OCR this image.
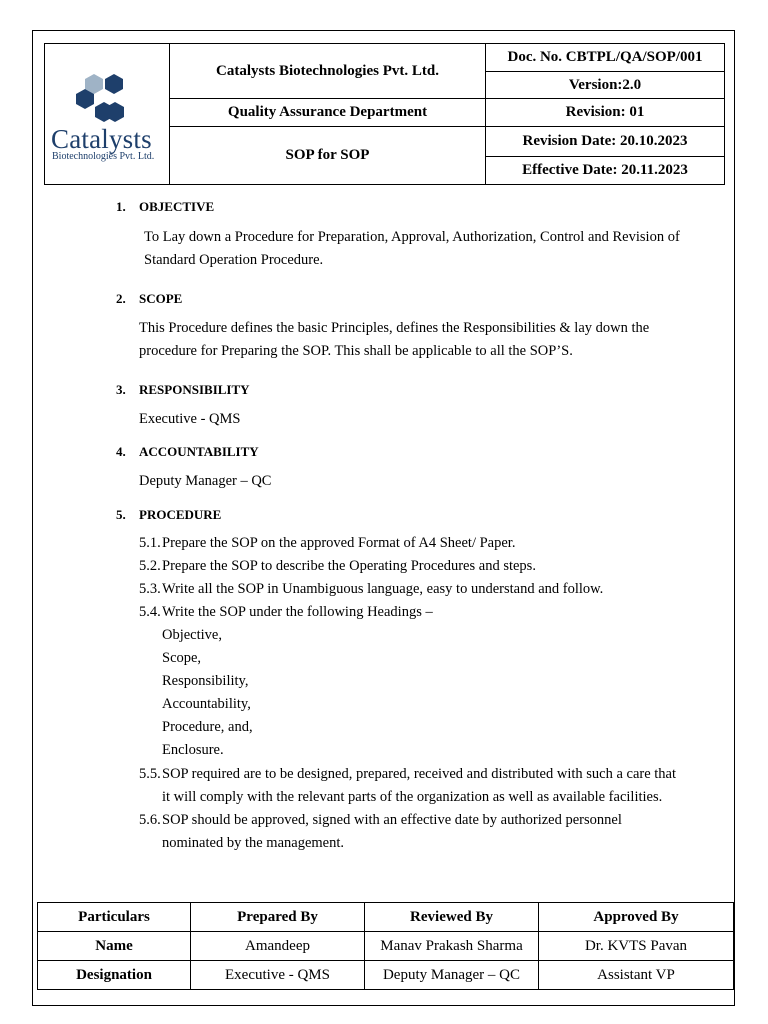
Catalysts
Biotechnologies Pvt. Ltd.	Catalysts Biotechnologies Pvt. Ltd.	Doc. No. CBTPL/QA/SOP/001
		Version:2.0
	Quality Assurance Department	Revision: 01
	SOP for SOP	Revision Date: 20.10.2023
		Effective Date: 20.11.2023
1. OBJECTIVE
To Lay down a Procedure for Preparation, Approval, Authorization, Control and Revision of
Standard Operation Procedure.
2. SCOPE
This Procedure defines the basic Principles, defines the Responsibilities & lay down the
procedure for Preparing the SOP. This shall be applicable to all the SOP’S.
3. RESPONSIBILITY
Executive - QMS
4. ACCOUNTABILITY
Deputy Manager – QC
5. PROCEDURE
5.1.Prepare the SOP on the approved Format of A4 Sheet/ Paper.
5.2.Prepare the SOP to describe the Operating Procedures and steps.
5.3.Write all the SOP in Unambiguous language, easy to understand and follow.
5.4.Write the SOP under the following Headings –
Objective,
Scope,
Responsibility,
Accountability,
Procedure, and,
Enclosure.
5.5.SOP required are to be designed, prepared, received and distributed with such a care that
it will comply with the relevant parts of the organization as well as available facilities.
5.6.SOP should be approved, signed with an effective date by authorized personnel
nominated by the management.
Particulars	Prepared By	Reviewed By	Approved By
Name	Amandeep	Manav Prakash Sharma	Dr. KVTS Pavan
Designation	Executive - QMS	Deputy Manager – QC	Assistant VP
